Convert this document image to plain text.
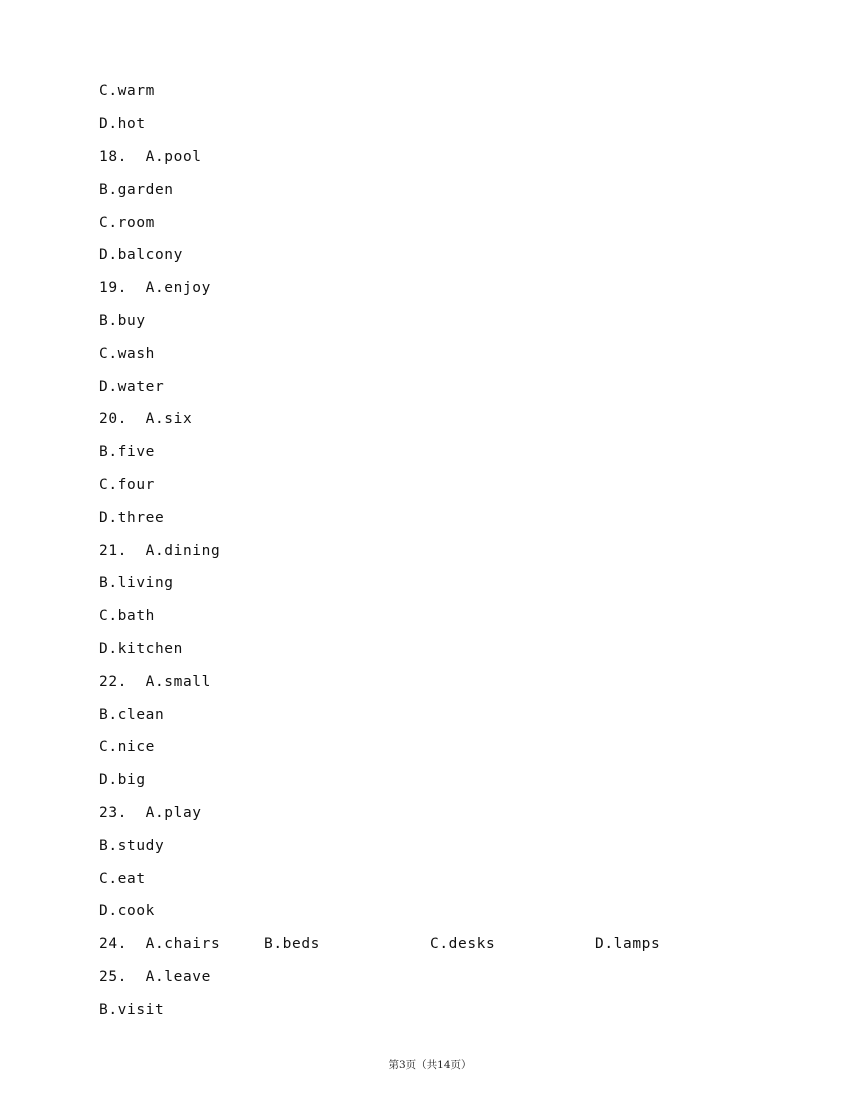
C.warm
D.hot
18.  A.pool
B.garden
C.room
D.balcony
19.  A.enjoy
B.buy
C.wash
D.water
20.  A.six
B.five
C.four
D.three
21.  A.dining
B.living
C.bath
D.kitchen
22.  A.small
B.clean
C.nice
D.big
23.  A.play
B.study
C.eat
D.cook

24.  A.chairs

	B.beds

	C.desks

	D.lamps

25.  A.leave
B.visit
第3页（共14页）
